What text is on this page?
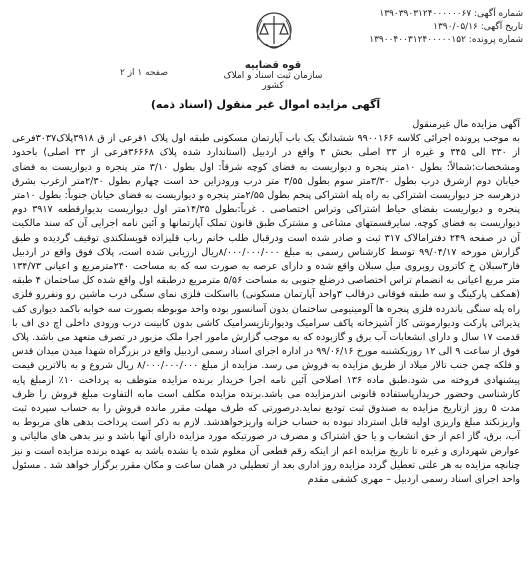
شماره آگهی: ۱۳۹۰۳۹۰۳۱۲۴۰۰۰۰۰۰۶۷
تاریخ آگهی: ۱۳۹۰/۰۵/۱۶
شماره پرونده: ۱۳۹۰۰۴۰۰۳۱۲۴۰۰۰۰۰۱۵۲
قوه قضاییه
سازمان ثبت اسناد و املاک کشور
صفحه ۱ از ۲
آگهی مزایده اموال غیر منقول (اسناد ذمه)

آگهی مزایده مال غیرمنقول

به موجب پرونده اجرائی کلاسه ۹۹۰۰۱۶۶ ششدانگ یک باب آپارتمان مسکونی طبقه اول پلاک ۱فرعی از ق ۳۹۱۸پلاک۳۰۳۷فرعی از ۳۳۰ الی ۳۴۵ و غیره از ۳۳ اصلی بخش ۳ واقع در اردبیل (استاندارد شده پلاک ۳۶۶۶۸فرعی از ۳۳ اصلی) باحدود ومشخصات:شمالاً: بطول ۱۰متر پنجره و دیواریست به فضای کوچه شرقاً: اول بطول ۳/۱۰ متر پنجره و دیواریست به فضای خیابان دوم ازشرق درب بطول ۳/۳۰متر سوم بطول ۳/۵۵ متر درب ورودزاین حد است چهارم بطول ۲/۳۰متر ازغرب بشرق درهرسه جز دیواریست اشتراکی به راه پله اشتراکی پنجم بطول ۲/۵۵متر پنجره و دیواریست به فضای خیابان جنوباً: بطول ۱۰متر پنجره و دیواریست بفضای حیاط اشتراکی وتراس اختصاصی . غرباً:بطول ۱۴/۳۵متر اول دیواریست بدیوارقطعه ۳۹۱۷ دوم دیواریست به فضای کوچه. سایرقسمتهای مشاعی و مشترک طبق قانون تملک آپارتمانها و آئین نامه اجرایی آن که سند مالکیت آن در صفحه ۲۴۹ دفترامالاک ۳۱۷ ثبت و صادر شده است ودرقبال طلب خانم رباب قلیزاده قویسلکندی توقیف گردیده و طبق گزارش مورخه ۹۹/۰۴/۱۷ توسط کارشناس رسمی به مبلغ ۸/۰۰۰/۰۰۰/۰۰۰ریال ارزیابی شده است، پلاک فوق واقع در اردبیل فاز۳سبلان خ کاترون روبروی میل سبلان واقع شده و دارای عرصه به صورت سه که به مساحت ۲۴۰مترمربع و اعیانی ۱۳۴/۷۳ متر مربع اعیانی به انضمام تراس اختصاصی درضلع جنوبی به مساحت ۵/۵۶ مترمربع درطبقه اول واقع شده کل ساختمان ۴ طبقه (همکف پارکینگ و سه طبقه فوقانی درقالب ۳واحد آپارتمان مسکونی) بااسکلت فلزی نمای سنگی درب ماشین رو ونفررو فلزی راه پله سنگی باندرده فلزی پنجره ها آلومینیومی ساختمان بدون آسانسور بوده واحد موبوطه بصورت سه خوابه باکمد دیواری کف پذیرائی پارکت ودیوارمونتی کاز آشپزخانه پاکف سرامیک ودیوارنازیسرامیک کاشی بدون کابینت درب ورودی داخلی اچ دی اف با قدمت ۱۷ سال و دارای انشعابات آب برق و گازبوده که به موجب گزارش مامور اجرا ملک مزبور در تصرف متعهد می باشد. پلاک فوق از ساعت ۹ الی ۱۲ روزیکشنبه مورخ ۹۹/۰۶/۱۶ در اداره اجرای اسناد رسمی اردبیل واقع در بزرگراه شهدا میدن میدان قدس و فلکه چمن جنب تالار میلاد از طریق مزایده به فروش می رسد. مزایده از مبلغ ۸/۰۰۰/۰۰۰/۰۰۰ ریال شروع و به بالاترین قیمت پیشنهادی فروخته می شود.طبق ماده ۱۳۶ اصلاحی آئین نامه اجرا خریدار برنده مزایده متوظف به پرداخت ۱۰٪ ازمبلغ پایه کارشناسی وحضور خریدارپاستفاده قانونی اندرمزایده می باشد.برنده مزایده مکلف است مابه التفاوت مبلغ فروش را ظرف مدت ۵ روز ازتاریخ مزایده به صندوق ثبت تودیع نماید.درصورتی که طرف مهلت مقرر مانده فروش را به حساب سپرده ثبت واریزنکند مبلغ واریزی اولیه قابل استرداد نبوده به حساب خزانه واریزخواهدشد. لازم به ذکر است پرداخت بدهی های مربوط به آب، برق، گاز اعم از حق انشعاب و یا حق اشتراک و مصرف در صورتیکه مورد مزایده دارای آنها باشد و نیز بدهی های مالیاتی و عوارض شهرداری و غیره تا تاریخ مزایده اعم از اینکه رقم قطعی آن معلوم شده یا نشده باشد به عهده برنده مزایده است و نیز چنانچه مزایده به هر علتی تعطیل گردد مزایده روز اداری بعد از تعطیلی در همان ساعت و مکان مقرر برگزار خواهد شد . مسئول واحد اجرای اسناد رسمی اردبیل – مهری کشفی مقدم
